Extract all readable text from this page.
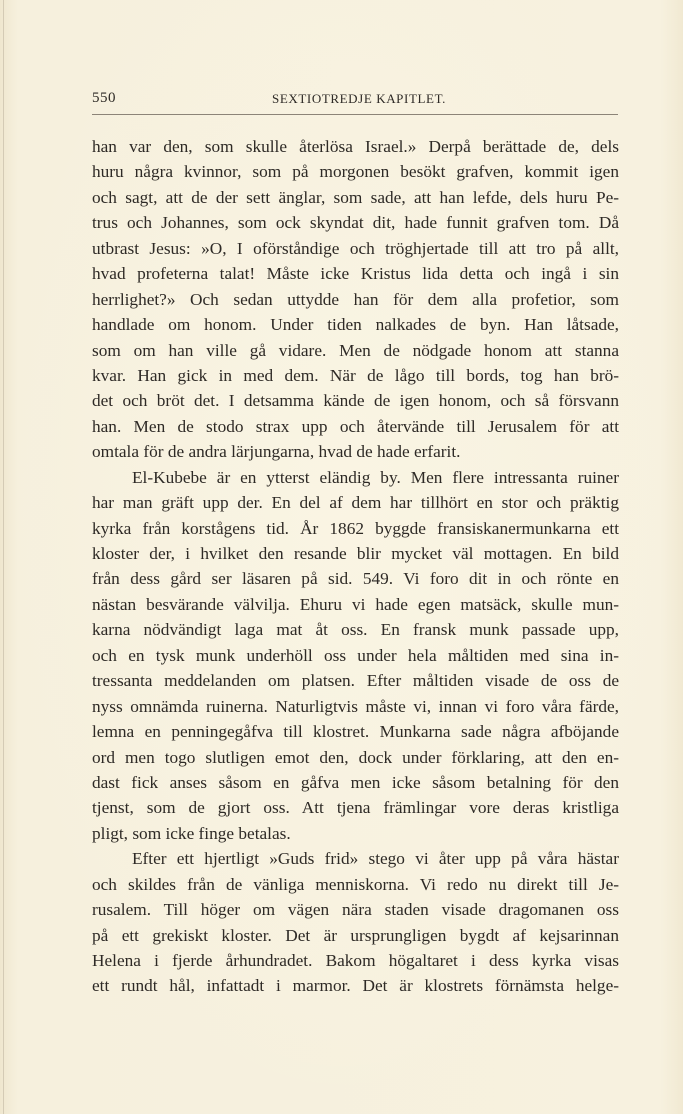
550	SEXTIOTREDJE KAPITLET.
han var den, som skulle återlösa Israel.» Derpå berättade de, dels
huru några kvinnor, som på morgonen besökt grafven, kommit igen
och sagt, att de der sett änglar, som sade, att han lefde, dels huru Pe-
trus och Johannes, som ock skyndat dit, hade funnit grafven tom. Då
utbrast Jesus: »O, I oförståndige och tröghjertade till att tro på allt,
hvad profeterna talat! Måste icke Kristus lida detta och ingå i sin
herrlighet?» Och sedan uttydde han för dem alla profetior, som
handlade om honom. Under tiden nalkades de byn. Han låtsade,
som om han ville gå vidare. Men de nödgade honom att stanna
kvar. Han gick in med dem. När de lågo till bords, tog han brö-
det och bröt det. I detsamma kände de igen honom, och så försvann
han. Men de stodo strax upp och återvände till Jerusalem för att
omtala för de andra lärjungarna, hvad de hade erfarit.
El-Kubebe är en ytterst eländig by. Men flere intressanta ruiner
har man gräft upp der. En del af dem har tillhört en stor och präktig
kyrka från korstågens tid. År 1862 byggde fransiskanermunkarna ett
kloster der, i hvilket den resande blir mycket väl mottagen. En bild
från dess gård ser läsaren på sid. 549. Vi foro dit in och rönte en
nästan besvärande välvilja. Ehuru vi hade egen matsäck, skulle mun-
karna nödvändigt laga mat åt oss. En fransk munk passade upp,
och en tysk munk underhöll oss under hela måltiden med sina in-
tressanta meddelanden om platsen. Efter måltiden visade de oss de
nyss omnämda ruinerna. Naturligtvis måste vi, innan vi foro våra färde,
lemna en penningegåfva till klostret. Munkarna sade några afböjande
ord men togo slutligen emot den, dock under förklaring, att den en-
dast fick anses såsom en gåfva men icke såsom betalning för den
tjenst, som de gjort oss. Att tjena främlingar vore deras kristliga
pligt, som icke finge betalas.
Efter ett hjertligt »Guds frid» stego vi åter upp på våra hästar
och skildes från de vänliga menniskorna. Vi redo nu direkt till Je-
rusalem. Till höger om vägen nära staden visade dragomanen oss
på ett grekiskt kloster. Det är ursprungligen bygdt af kejsarinnan
Helena i fjerde århundradet. Bakom högaltaret i dess kyrka visas
ett rundt hål, infattadt i marmor. Det är klostrets förnämsta helge-
